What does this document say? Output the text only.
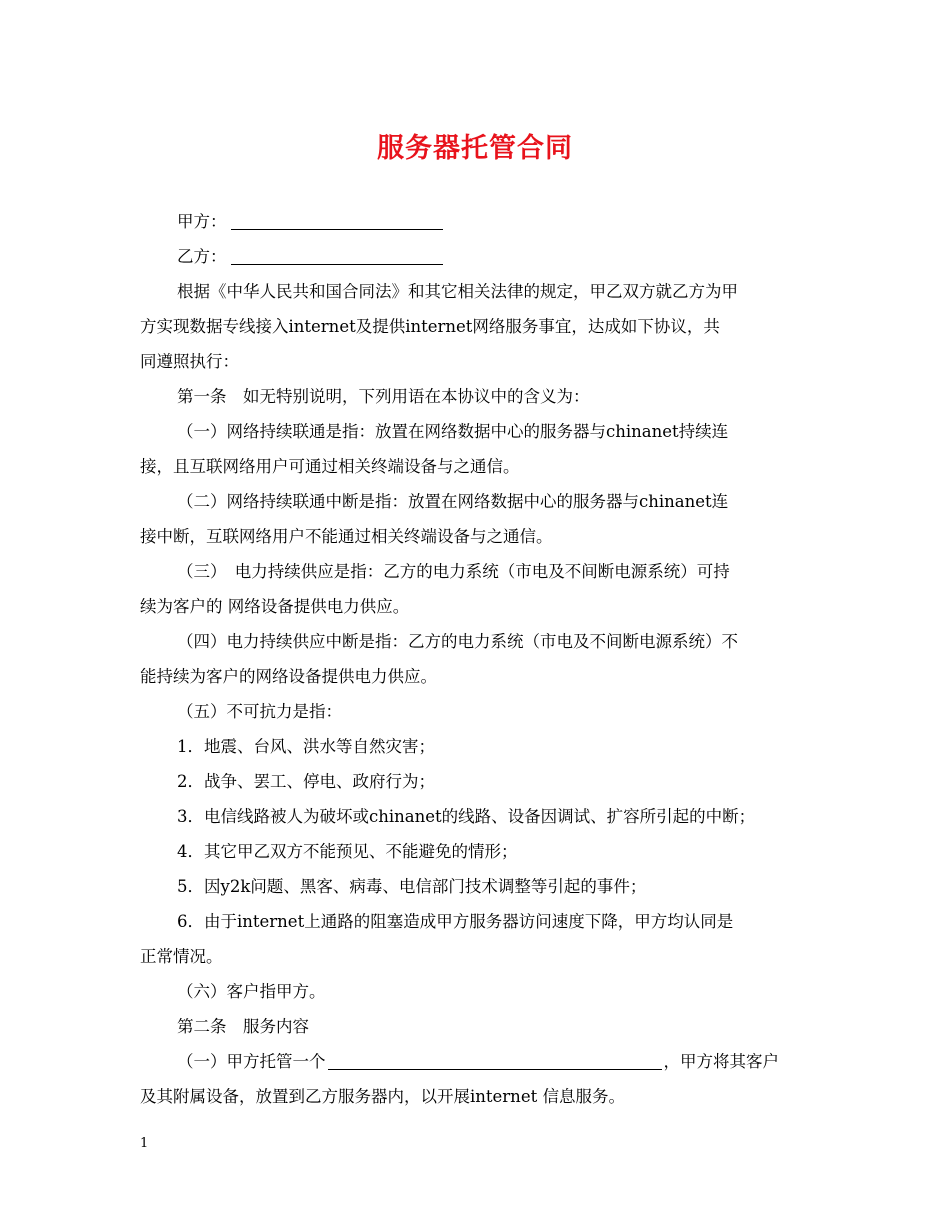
服务器托管合同

甲方：

乙方：

根据《中华人民共和国合同法》和其它相关法律的规定，甲乙双方就乙方为甲
方实现数据专线接入internet及提供internet网络服务事宜，达成如下协议，共
同遵照执行：

第一条　如无特别说明，下列用语在本协议中的含义为：

（一）网络持续联通是指：放置在网络数据中心的服务器与chinanet持续连
接，且互联网络用户可通过相关终端设备与之通信。

（二）网络持续联通中断是指：放置在网络数据中心的服务器与chinanet连
接中断，互联网络用户不能通过相关终端设备与之通信。

（三）　电力持续供应是指：乙方的电力系统（市电及不间断电源系统）可持
续为客户的 网络设备提供电力供应。

（四）电力持续供应中断是指：乙方的电力系统（市电及不间断电源系统）不
能持续为客户的网络设备提供电力供应。

（五）不可抗力是指：

1．地震、台风、洪水等自然灾害；

2．战争、罢工、停电、政府行为；

3．电信线路被人为破坏或chinanet的线路、设备因调试、扩容所引起的中断；

4．其它甲乙双方不能预见、不能避免的情形；

5．因y2k问题、黑客、病毒、电信部门技术调整等引起的事件；

6．由于internet上通路的阻塞造成甲方服务器访问速度下降，甲方均认同是
正常情况。

（六）客户指甲方。

第二条　服务内容

（一）甲方托管一个	，甲方将其客户
及其附属设备，放置到乙方服务器内，以开展internet 信息服务。

1
